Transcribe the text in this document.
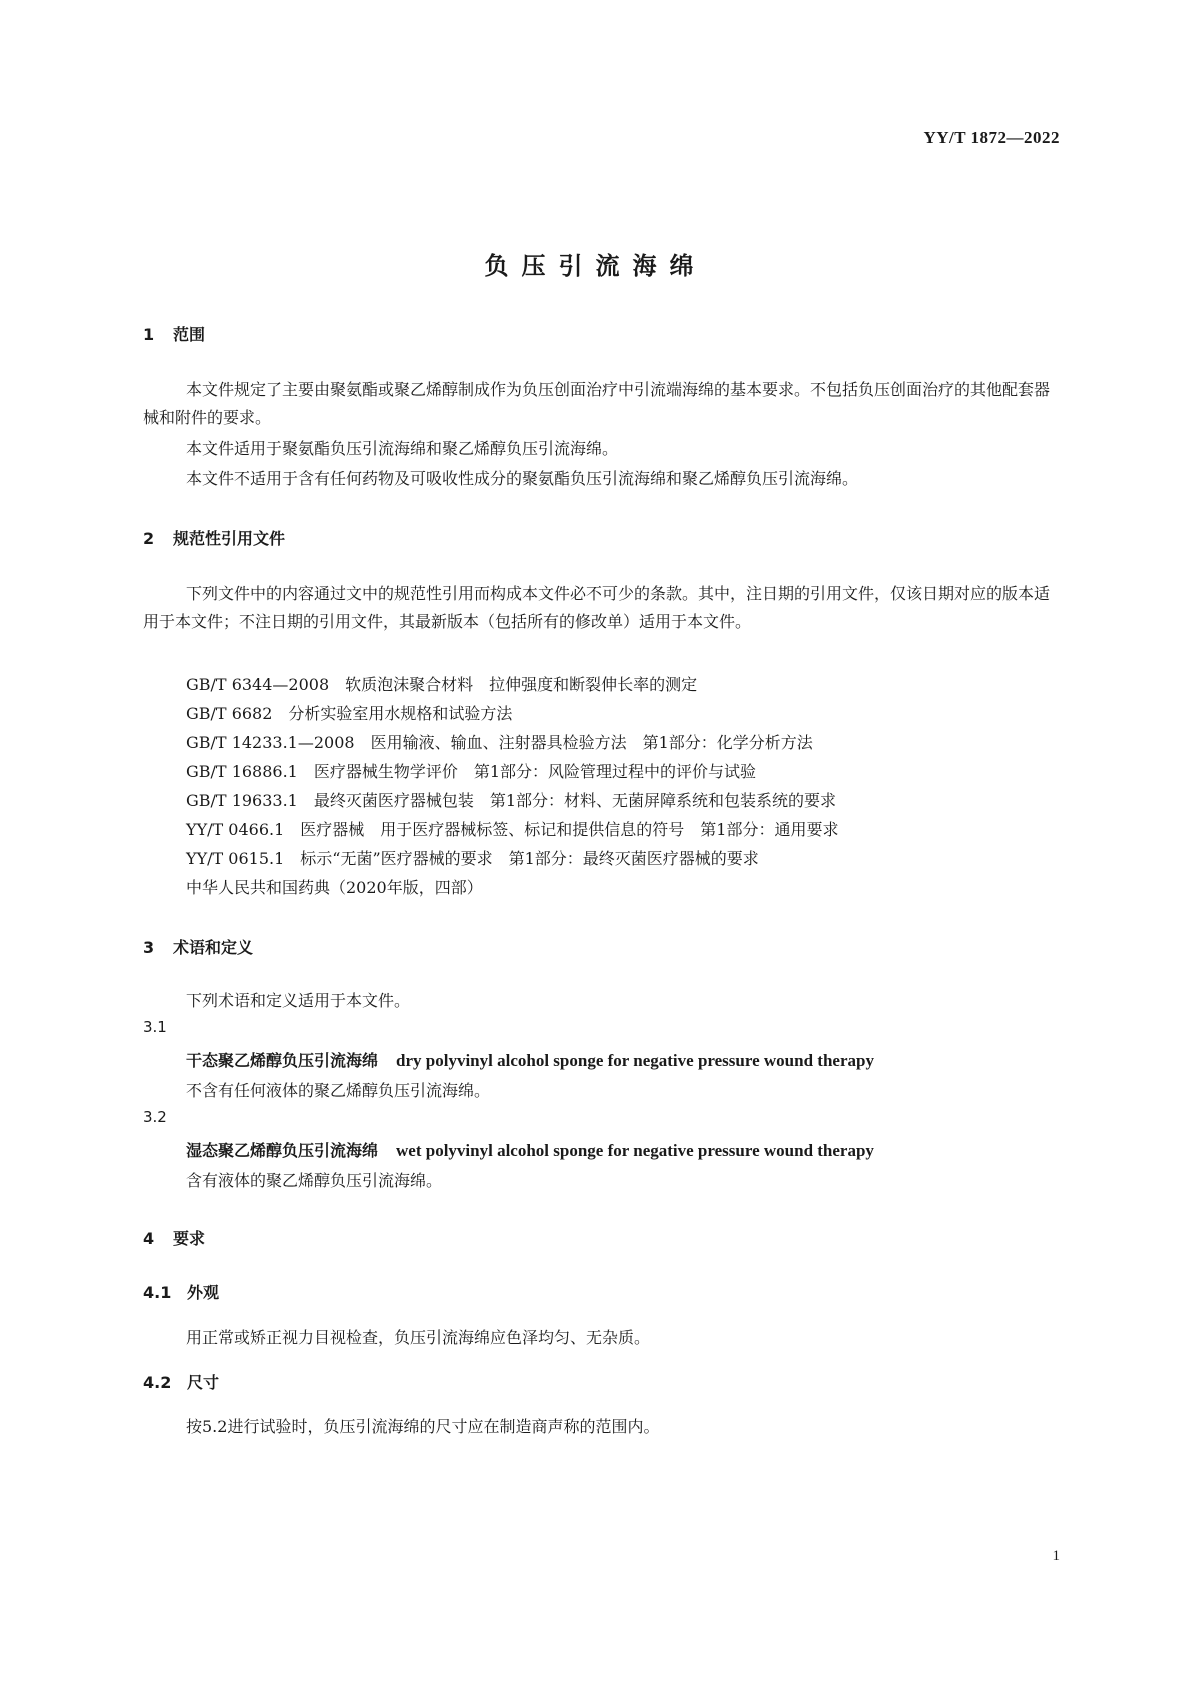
YY/T 1872—2022
负压引流海绵
1 范围
本文件规定了主要由聚氨酯或聚乙烯醇制成作为负压创面治疗中引流端海绵的基本要求。不包括负压创面治疗的其他配套器械和附件的要求。
本文件适用于聚氨酯负压引流海绵和聚乙烯醇负压引流海绵。
本文件不适用于含有任何药物及可吸收性成分的聚氨酯负压引流海绵和聚乙烯醇负压引流海绵。
2 规范性引用文件
下列文件中的内容通过文中的规范性引用而构成本文件必不可少的条款。其中，注日期的引用文件，仅该日期对应的版本适用于本文件；不注日期的引用文件，其最新版本（包括所有的修改单）适用于本文件。
GB/T 6344—2008 软质泡沫聚合材料　拉伸强度和断裂伸长率的测定
GB/T 6682 分析实验室用水规格和试验方法
GB/T 14233.1—2008 医用输液、输血、注射器具检验方法　第1部分：化学分析方法
GB/T 16886.1 医疗器械生物学评价　第1部分：风险管理过程中的评价与试验
GB/T 19633.1 最终灭菌医疗器械包装　第1部分：材料、无菌屏障系统和包装系统的要求
YY/T 0466.1 医疗器械　用于医疗器械标签、标记和提供信息的符号　第1部分：通用要求
YY/T 0615.1 标示“无菌”医疗器械的要求　第1部分：最终灭菌医疗器械的要求
中华人民共和国药典（2020年版，四部）
3 术语和定义
下列术语和定义适用于本文件。
3.1
干态聚乙烯醇负压引流海绵 dry polyvinyl alcohol sponge for negative pressure wound therapy
不含有任何液体的聚乙烯醇负压引流海绵。
3.2
湿态聚乙烯醇负压引流海绵 wet polyvinyl alcohol sponge for negative pressure wound therapy
含有液体的聚乙烯醇负压引流海绵。
4 要求
4.1 外观
用正常或矫正视力目视检查，负压引流海绵应色泽均匀、无杂质。
4.2 尺寸
按5.2进行试验时，负压引流海绵的尺寸应在制造商声称的范围内。
1
